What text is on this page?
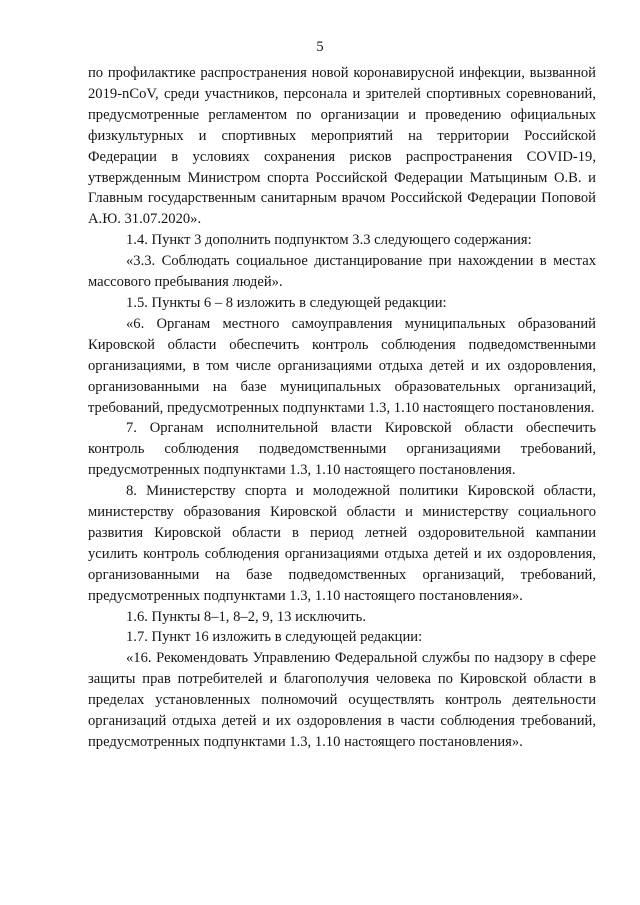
5

по профилактике распространения новой коронавирусной инфекции, вызванной 2019-nCoV, среди участников, персонала и зрителей спортивных соревнований, предусмотренные регламентом по организации и проведению официальных физкультурных и спортивных мероприятий на территории Российской Федерации в условиях сохранения рисков распространения COVID-19, утвержденным Министром спорта Российской Федерации Матыциным О.В. и Главным государственным санитарным врачом Российской Федерации Поповой А.Ю. 31.07.2020».

1.4. Пункт 3 дополнить подпунктом 3.3 следующего содержания:

«3.3. Соблюдать социальное дистанцирование при нахождении в местах массового пребывания людей».

1.5. Пункты 6 – 8 изложить в следующей редакции:

«6. Органам местного самоуправления муниципальных образований Кировской области обеспечить контроль соблюдения подведомственными организациями, в том числе организациями отдыха детей и их оздоровления, организованными на базе муниципальных образовательных организаций, требований, предусмотренных подпунктами 1.3, 1.10 настоящего постановления.

7. Органам исполнительной власти Кировской области обеспечить контроль соблюдения подведомственными организациями требований, предусмотренных подпунктами 1.3, 1.10 настоящего постановления.

8. Министерству спорта и молодежной политики Кировской области, министерству образования Кировской области и министерству социального развития Кировской области в период летней оздоровительной кампании усилить контроль соблюдения организациями отдыха детей и их оздоровления, организованными на базе подведомственных организаций, требований, предусмотренных подпунктами 1.3, 1.10 настоящего постановления».

1.6. Пункты 8–1, 8–2, 9, 13 исключить.

1.7. Пункт 16 изложить в следующей редакции:

«16. Рекомендовать Управлению Федеральной службы по надзору в сфере защиты прав потребителей и благополучия человека по Кировской области в пределах установленных полномочий осуществлять контроль деятельности организаций отдыха детей и их оздоровления в части соблюдения требований, предусмотренных подпунктами 1.3, 1.10 настоящего постановления».
